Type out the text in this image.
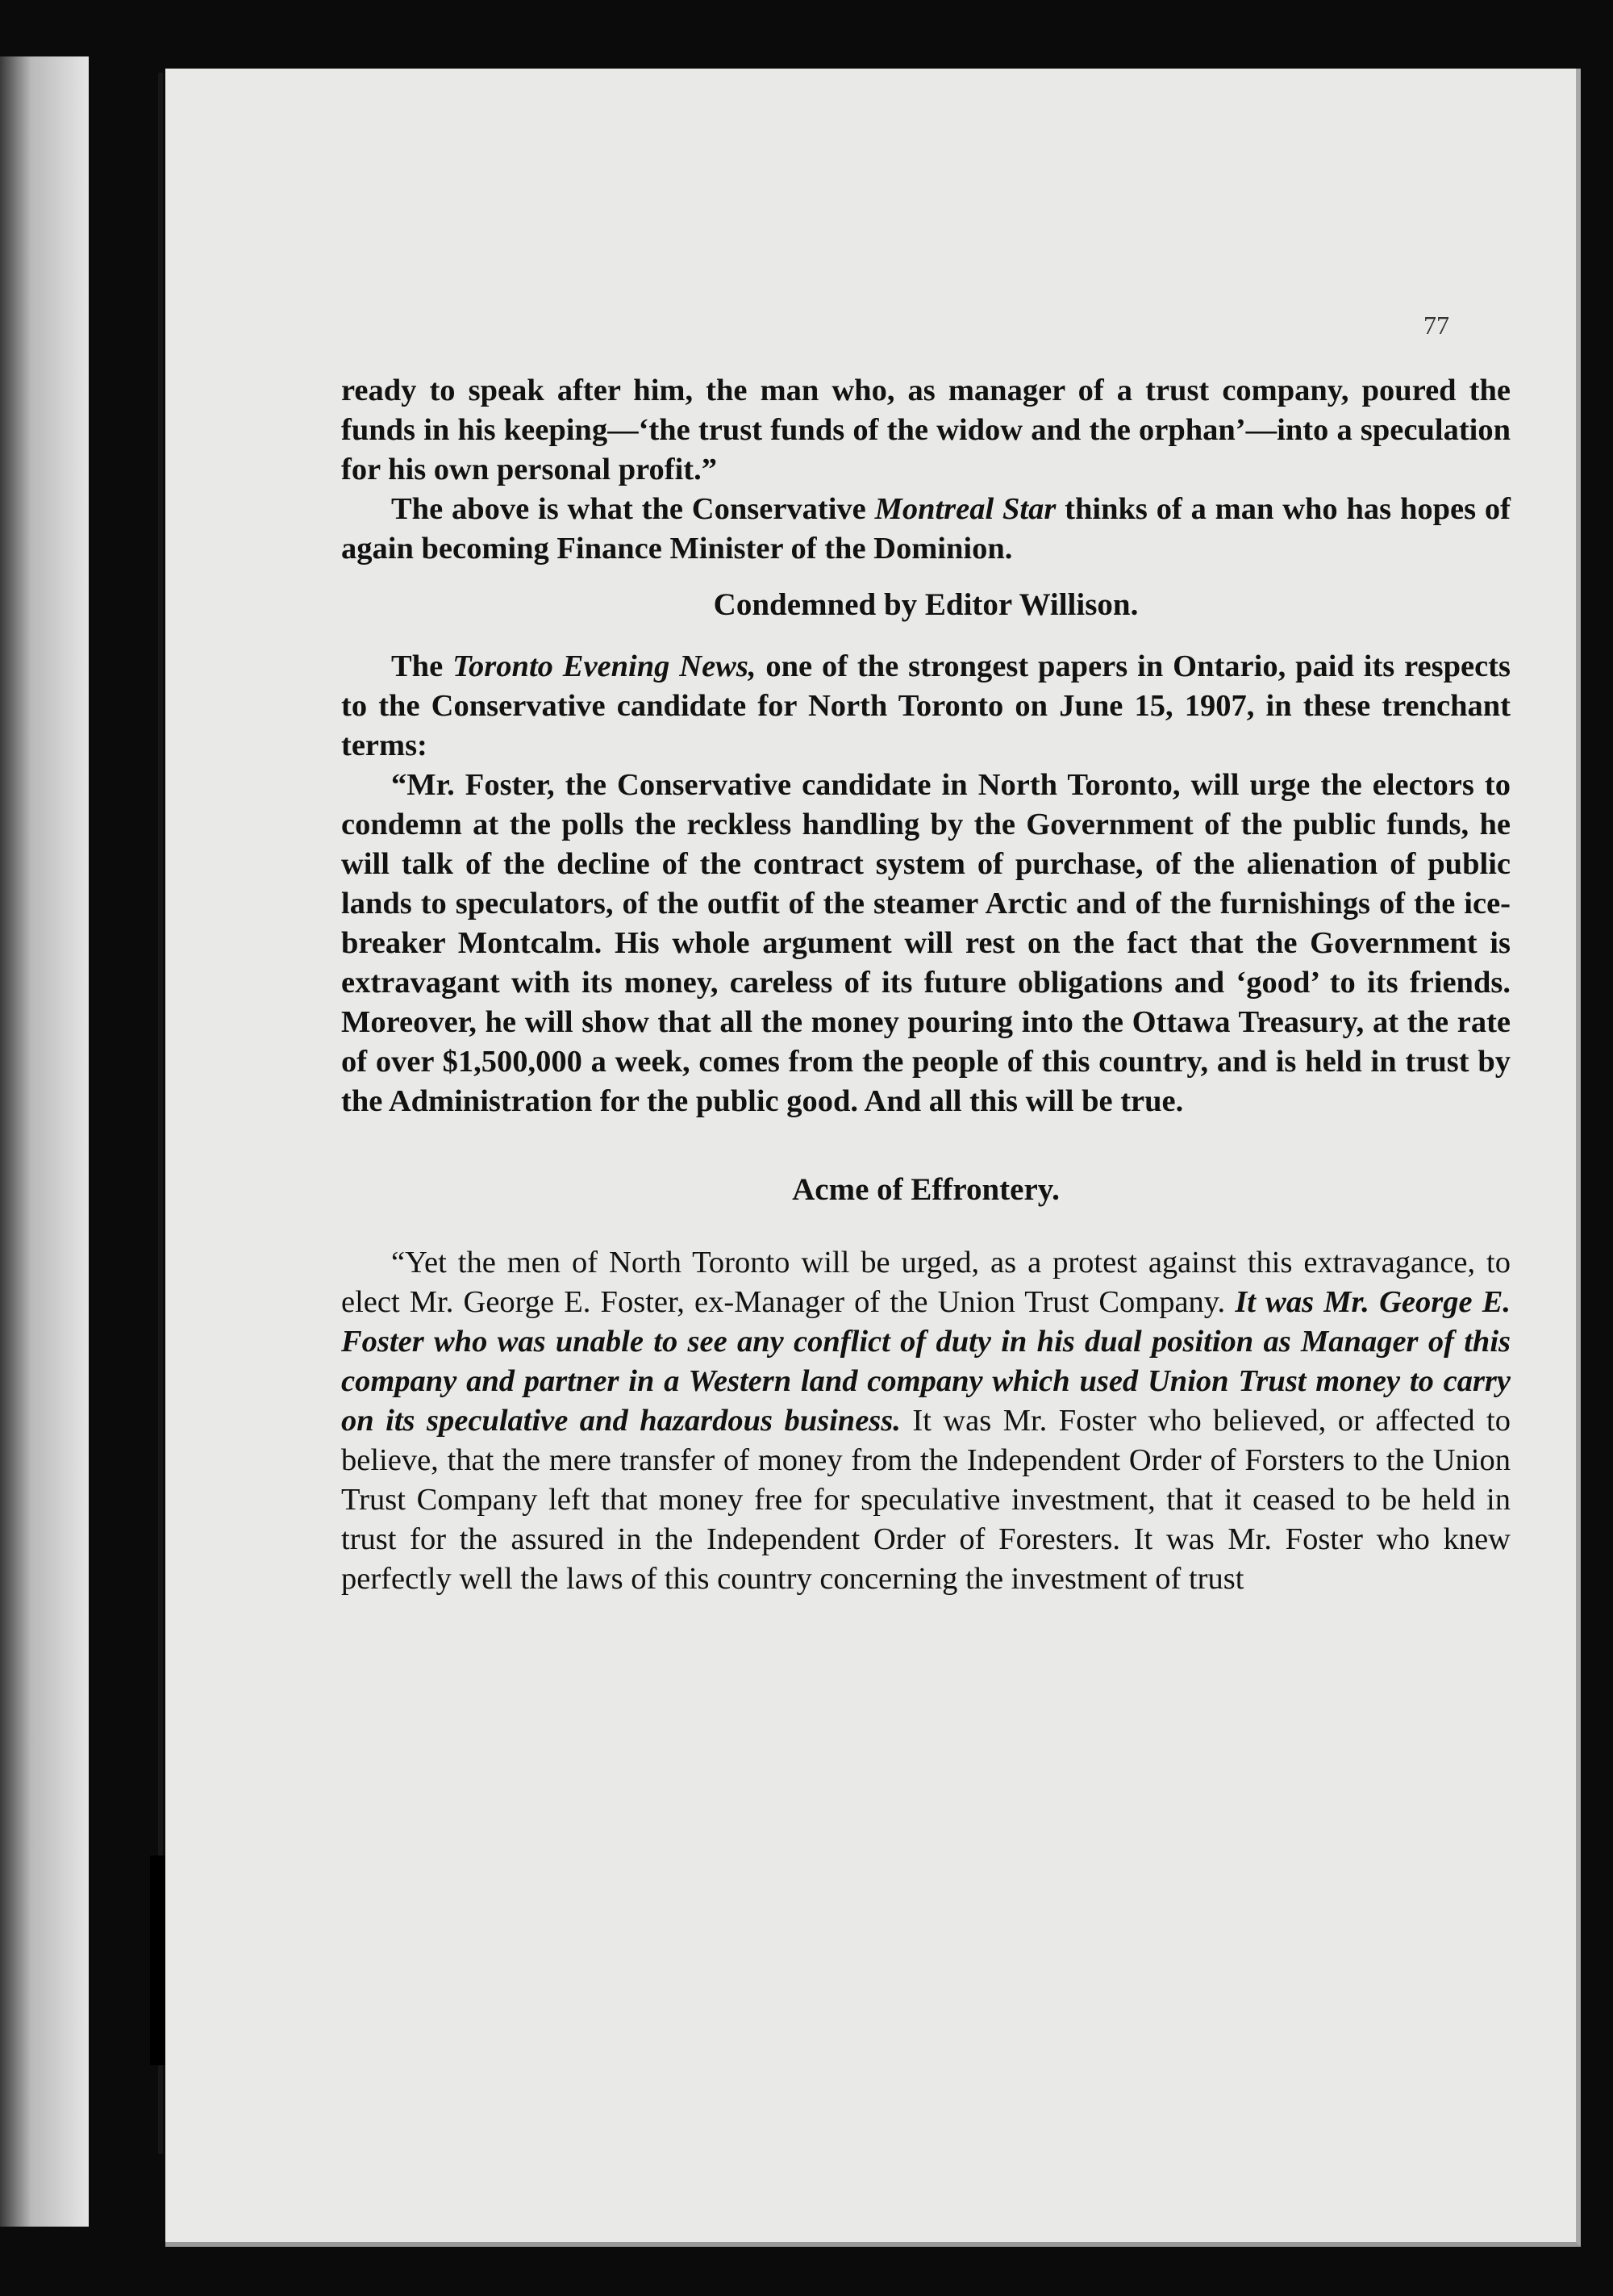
77

ready to speak after him, the man who, as manager of a trust company, poured the funds in his keeping—‘the trust funds of the widow and the orphan’—into a speculation for his own personal profit.”

The above is what the Conservative Montreal Star thinks of a man who has hopes of again becoming Finance Minister of the Dominion.

Condemned by Editor Willison.

The Toronto Evening News, one of the strongest papers in Ontario, paid its respects to the Conservative candidate for North Toronto on June 15, 1907, in these trenchant terms:

“Mr. Foster, the Conservative candidate in North Toronto, will urge the electors to condemn at the polls the reckless handling by the Government of the public funds, he will talk of the decline of the contract system of purchase, of the alienation of public lands to speculators, of the outfit of the steamer Arctic and of the furnishings of the ice-breaker Montcalm. His whole argument will rest on the fact that the Government is extravagant with its money, careless of its future obligations and ‘good’ to its friends. Moreover, he will show that all the money pouring into the Ottawa Treasury, at the rate of over $1,500,000 a week, comes from the people of this country, and is held in trust by the Administration for the public good. And all this will be true.

Acme of Effrontery.

“Yet the men of North Toronto will be urged, as a protest against this extravagance, to elect Mr. George E. Foster, ex-Manager of the Union Trust Company. It was Mr. George E. Foster who was unable to see any conflict of duty in his dual position as Manager of this company and partner in a Western land company which used Union Trust money to carry on its speculative and hazardous business. It was Mr. Foster who believed, or affected to believe, that the mere transfer of money from the Independent Order of Forsters to the Union Trust Company left that money free for speculative investment, that it ceased to be held in trust for the assured in the Independent Order of Foresters. It was Mr. Foster who knew perfectly well the laws of this country concerning the investment of trust
